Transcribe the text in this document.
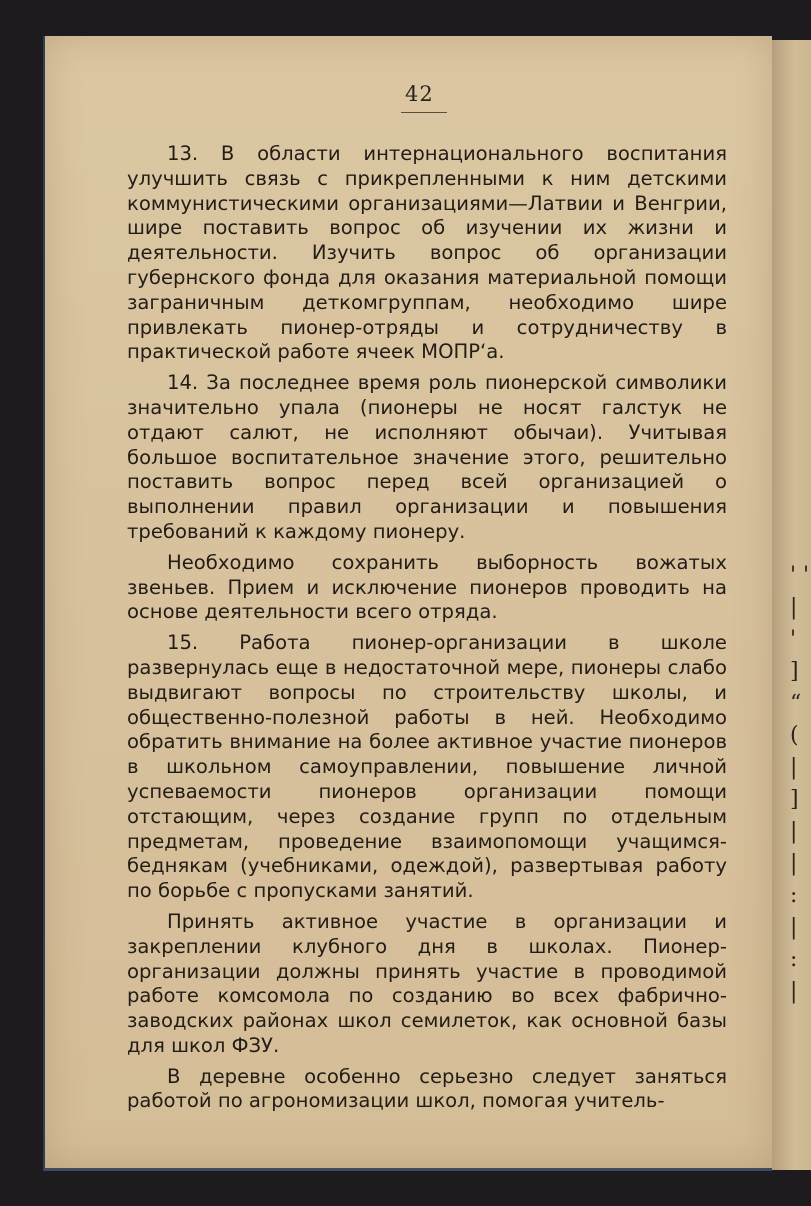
' ' | ' ] “ ( | ] | | : | : |
42

13. В области интернационального воспитания улучшить связь с прикрепленными к ним детскими коммунистическими организациями—Латвии и Венгрии, шире поставить вопрос об изучении их жизни и деятельности. Изучить вопрос об организации губернского фонда для оказания материальной помощи заграничным деткомгруппам, необходимо шире привлекать пионер-отряды и сотрудничеству в практической работе ячеек МОПР‘а.

14. За последнее время роль пионерской символики значительно упала (пионеры не носят галстук не отдают салют, не исполняют обычаи). Учитывая большое воспитательное значение этого, решительно поставить вопрос перед всей организацией о выполнении правил организации и повышения требований к каждому пионеру.

Необходимо сохранить выборность вожатых звеньев. Прием и исключение пионеров проводить на основе деятельности всего отряда.

15. Работа пионер-организации в школе развернулась еще в недостаточной мере, пионеры слабо выдвигают вопросы по строительству школы, и общественно-полезной работы в ней. Необходимо обратить внимание на более активное участие пионеров в школьном самоуправлении, повышение личной успеваемости пионеров организации помощи отстающим, через создание групп по отдельным предметам, проведение взаимопомощи учащимся-беднякам (учебниками, одеждой), развертывая работу по борьбе с пропусками занятий.

Принять активное участие в организации и закреплении клубного дня в школах. Пионер-организации должны принять участие в проводимой работе комсомола по созданию во всех фабрично-заводских районах школ семилеток, как основной базы для школ ФЗУ.

В деревне особенно серьезно следует заняться работой по агрономизации школ, помогая учитель-
